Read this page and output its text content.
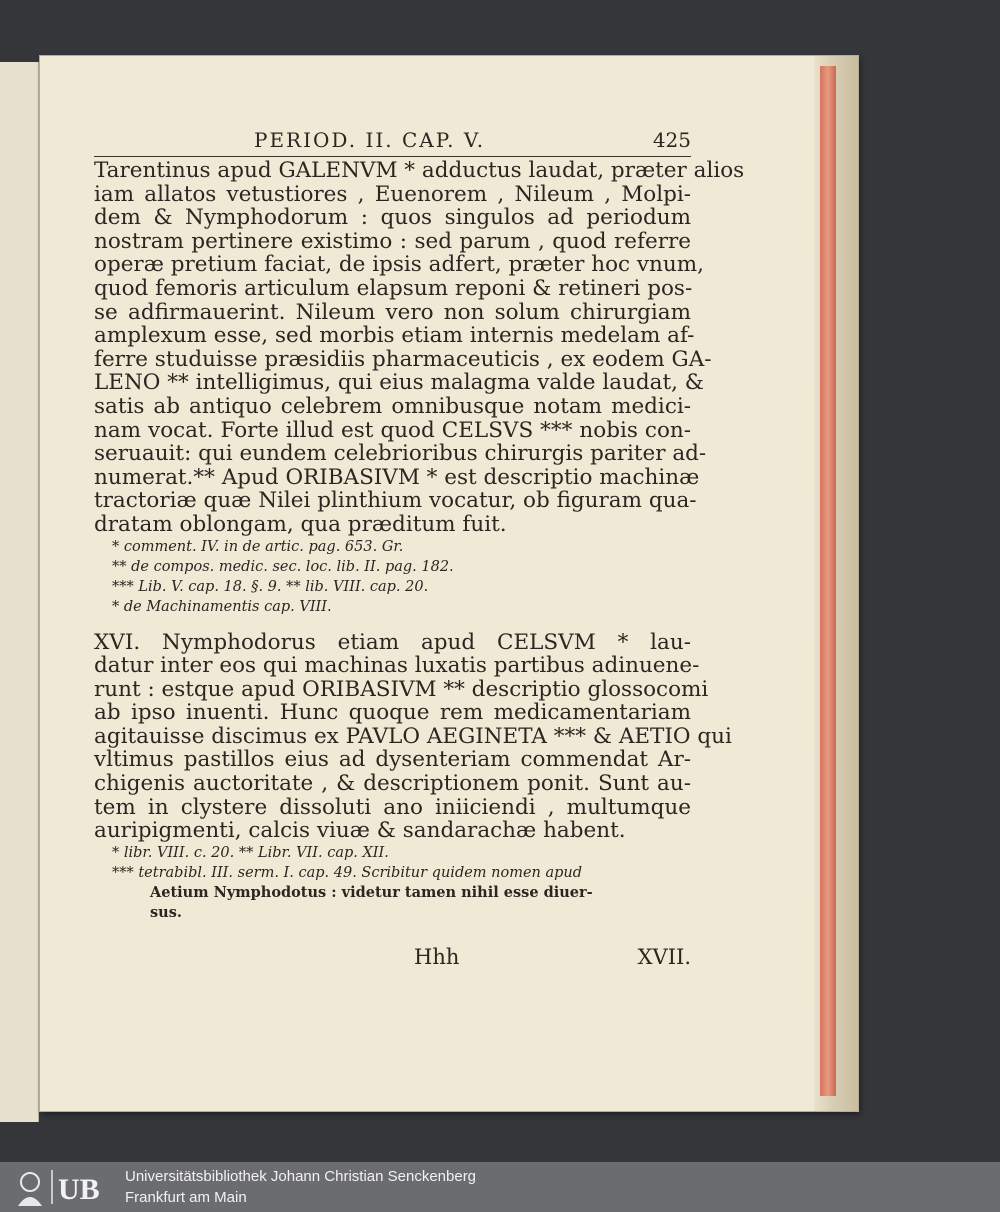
PERIOD. II. CAP. V.	425
Tarentinus apud GALENVM * adductus laudat, præter alios
iam allatos vetustiores , Euenorem , Nileum , Molpi-
dem & Nymphodorum : quos singulos ad periodum
nostram pertinere existimo : sed parum , quod referre
operæ pretium faciat, de ipsis adfert, præter hoc vnum,
quod femoris articulum elapsum reponi & retineri pos-
se adfirmauerint. Nileum vero non solum chirurgiam
amplexum esse, sed morbis etiam internis medelam af-
ferre studuisse præsidiis pharmaceuticis , ex eodem GA-
LENO ** intelligimus, qui eius malagma valde laudat, &
satis ab antiquo celebrem omnibusque notam medici-
nam vocat. Forte illud est quod CELSVS *** nobis con-
seruauit: qui eundem celebrioribus chirurgis pariter ad-
numerat.** Apud ORIBASIVM * est descriptio machinæ
tractoriæ quæ Nilei plinthium vocatur, ob figuram qua-
dratam oblongam, qua præditum fuit.
* comment. IV. in de artic. pag. 653. Gr.
** de compos. medic. sec. loc. lib. II. pag. 182.
*** Lib. V. cap. 18. §. 9. ** lib. VIII. cap. 20.
* de Machinamentis cap. VIII.
XVI. Nymphodorus etiam apud CELSVM * lau-
datur inter eos qui machinas luxatis partibus adinuene-
runt : estque apud ORIBASIVM ** descriptio glossocomi
ab ipso inuenti. Hunc quoque rem medicamentariam
agitauisse discimus ex PAVLO AEGINETA *** & AETIO qui
vltimus pastillos eius ad dysenteriam commendat Ar-
chigenis auctoritate , & descriptionem ponit. Sunt au-
tem in clystere dissoluti ano iniiciendi , multumque
auripigmenti, calcis viuæ & sandarachæ habent.
* libr. VIII. c. 20. ** Libr. VII. cap. XII.
*** tetrabibl. III. serm. I. cap. 49. Scribitur quidem nomen apud
Aetium Nymphodotus : videtur tamen nihil esse diuer-
sus.
Hhh	XVII.
UB Universitätsbibliothek Johann Christian Senckenberg
Frankfurt am Main
